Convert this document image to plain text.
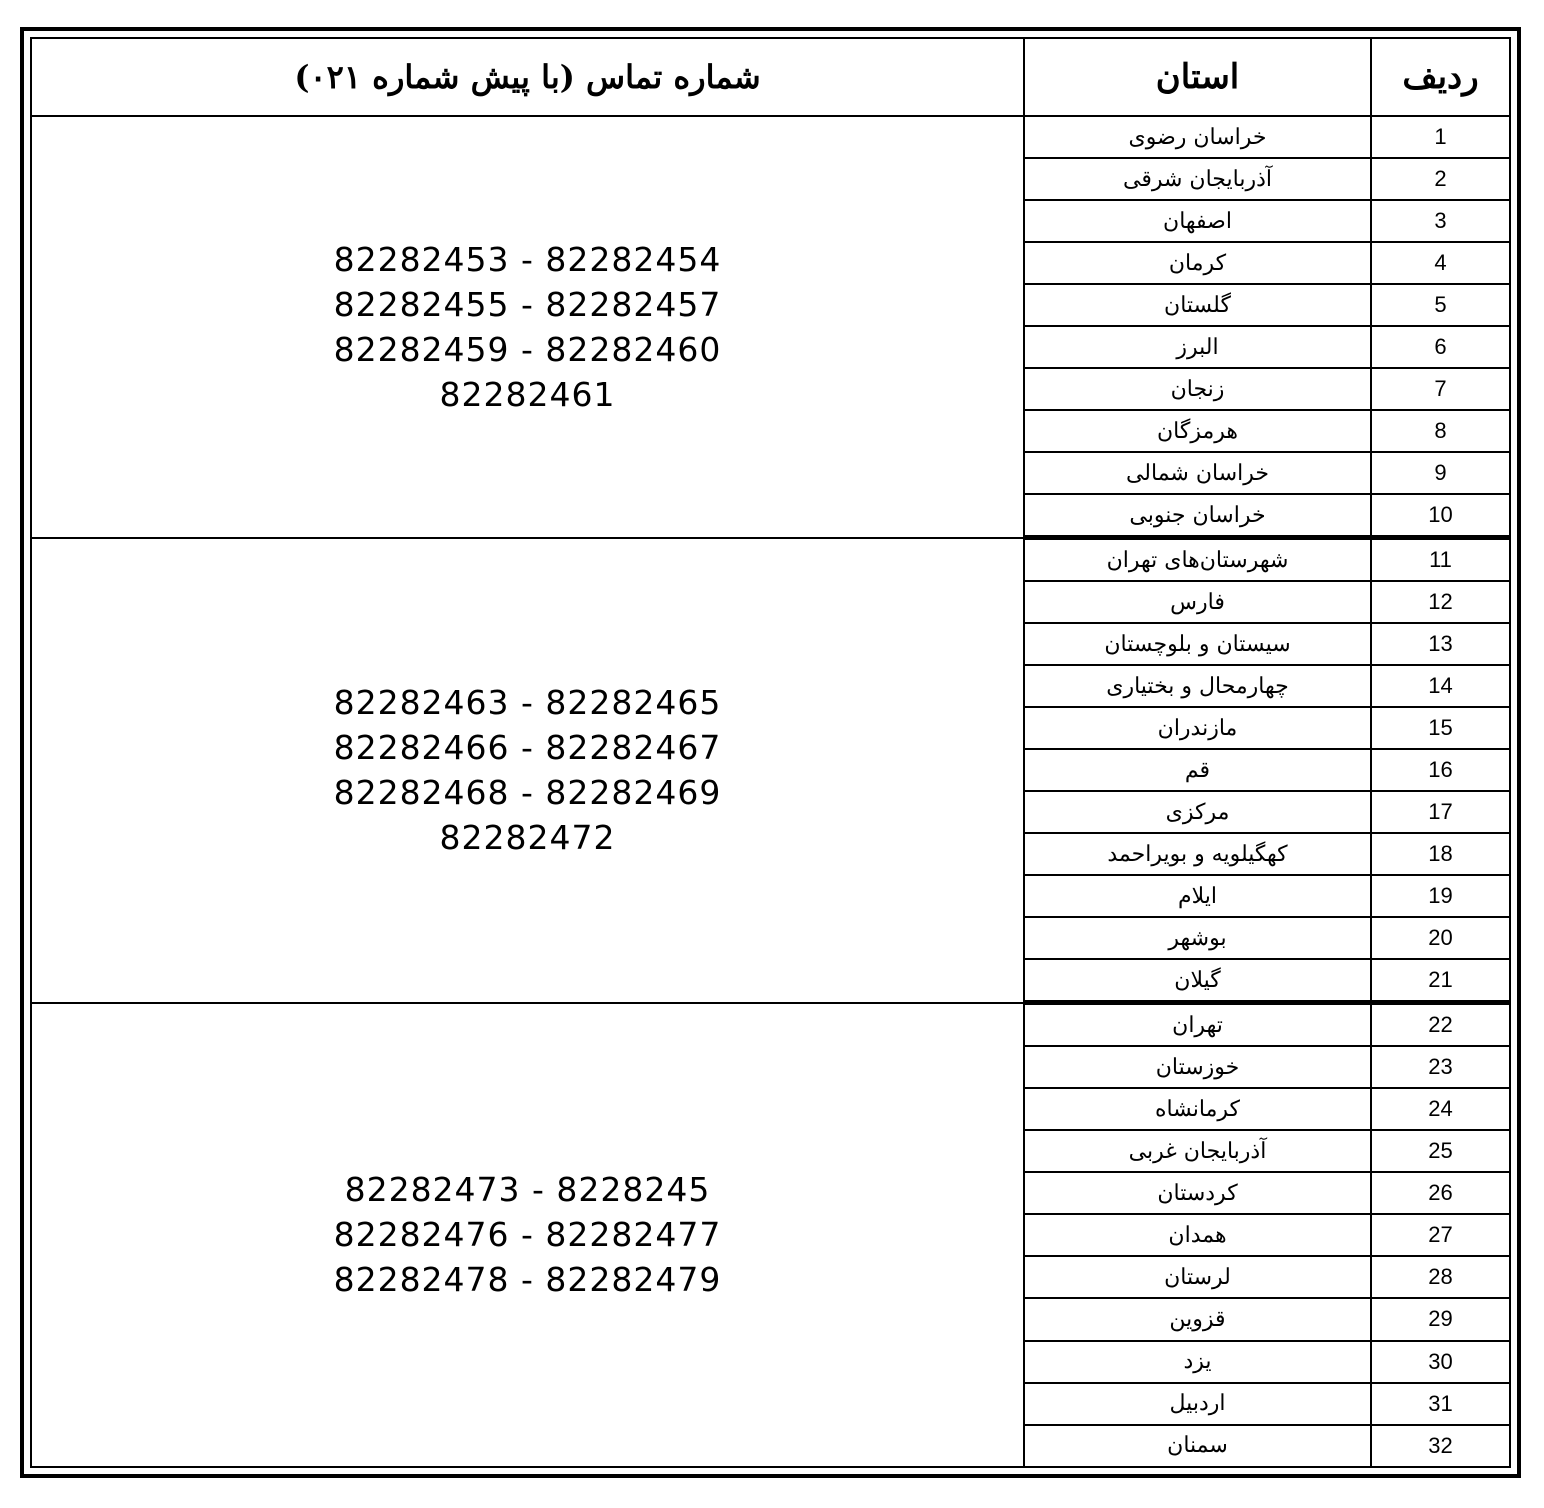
ردیف	استان	شماره تماس (با پیش شماره ۰۲۱)
1	خراسان رضوی	82282453 - 82282454
82282455 - 82282457
82282459 - 82282460
82282461

2	آذربایجان شرقی	
3	اصفهان	
4	کرمان	
5	گلستان	
6	البرز	
7	زنجان	
8	هرمزگان	
9	خراسان شمالی	
10	خراسان جنوبی	
11	شهرستان‌های تهران	82282463 - 82282465
82282466 - 82282467
82282468 - 82282469
82282472

12	فارس	
13	سیستان و بلوچستان	
14	چهارمحال و بختیاری	
15	مازندران	
16	قم	
17	مرکزی	
18	کهگیلویه و بویراحمد	
19	ایلام	
20	بوشهر	
21	گیلان	
22	تهران	82282473 - 8228245
82282476 - 82282477
82282478 - 82282479

23	خوزستان	
24	کرمانشاه	
25	آذربایجان غربی	
26	کردستان	
27	همدان	
28	لرستان	
29	قزوین	
30	یزد	
31	اردبیل	
32	سمنان	
